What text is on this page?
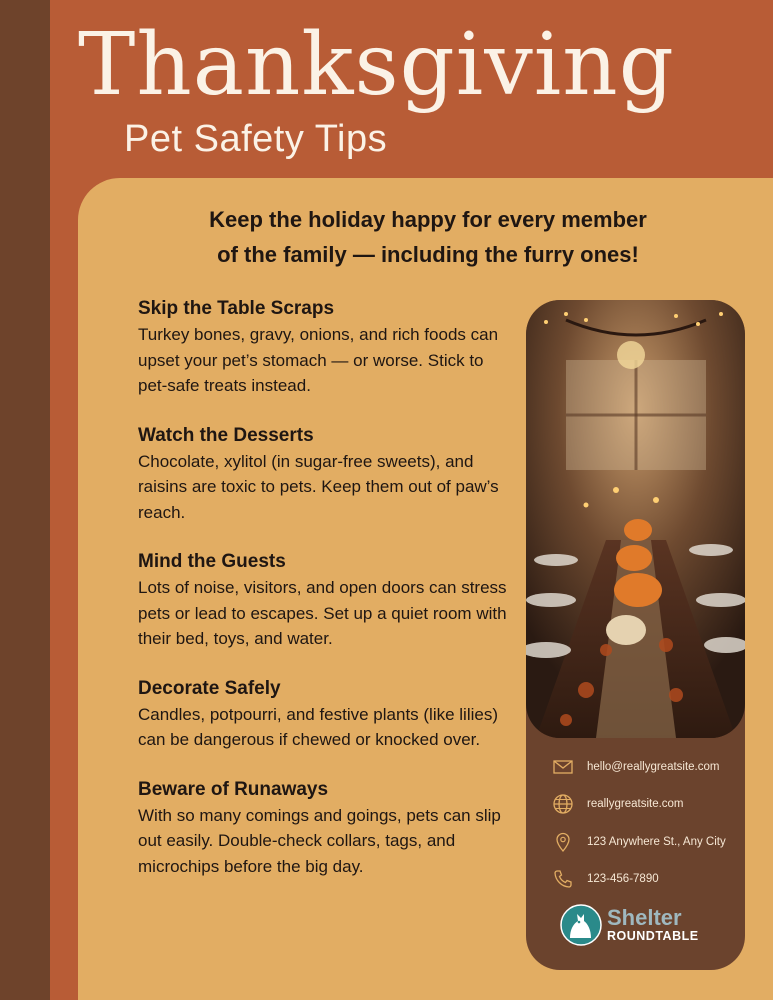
Thanksgiving
Pet Safety Tips

Keep the holiday happy for every member
of the family — including the furry ones!

Skip the Table Scraps

Turkey bones, gravy, onions, and rich foods can upset your pet’s stomach — or worse. Stick to pet-safe treats instead.

Watch the Desserts

Chocolate, xylitol (in sugar-free sweets), and raisins are toxic to pets. Keep them out of paw’s reach.

Mind the Guests

Lots of noise, visitors, and open doors can stress pets or lead to escapes. Set up a quiet room with their bed, toys, and water.

Decorate Safely

Candles, potpourri, and festive plants (like lilies) can be dangerous if chewed or knocked over.

Beware of Runaways

With so many comings and goings, pets can slip out easily. Double-check collars, tags, and microchips before the big day.

hello@reallygreatsite.com
reallygreatsite.com
123 Anywhere St., Any City
123-456-7890
Shelter
ROUNDTABLE
